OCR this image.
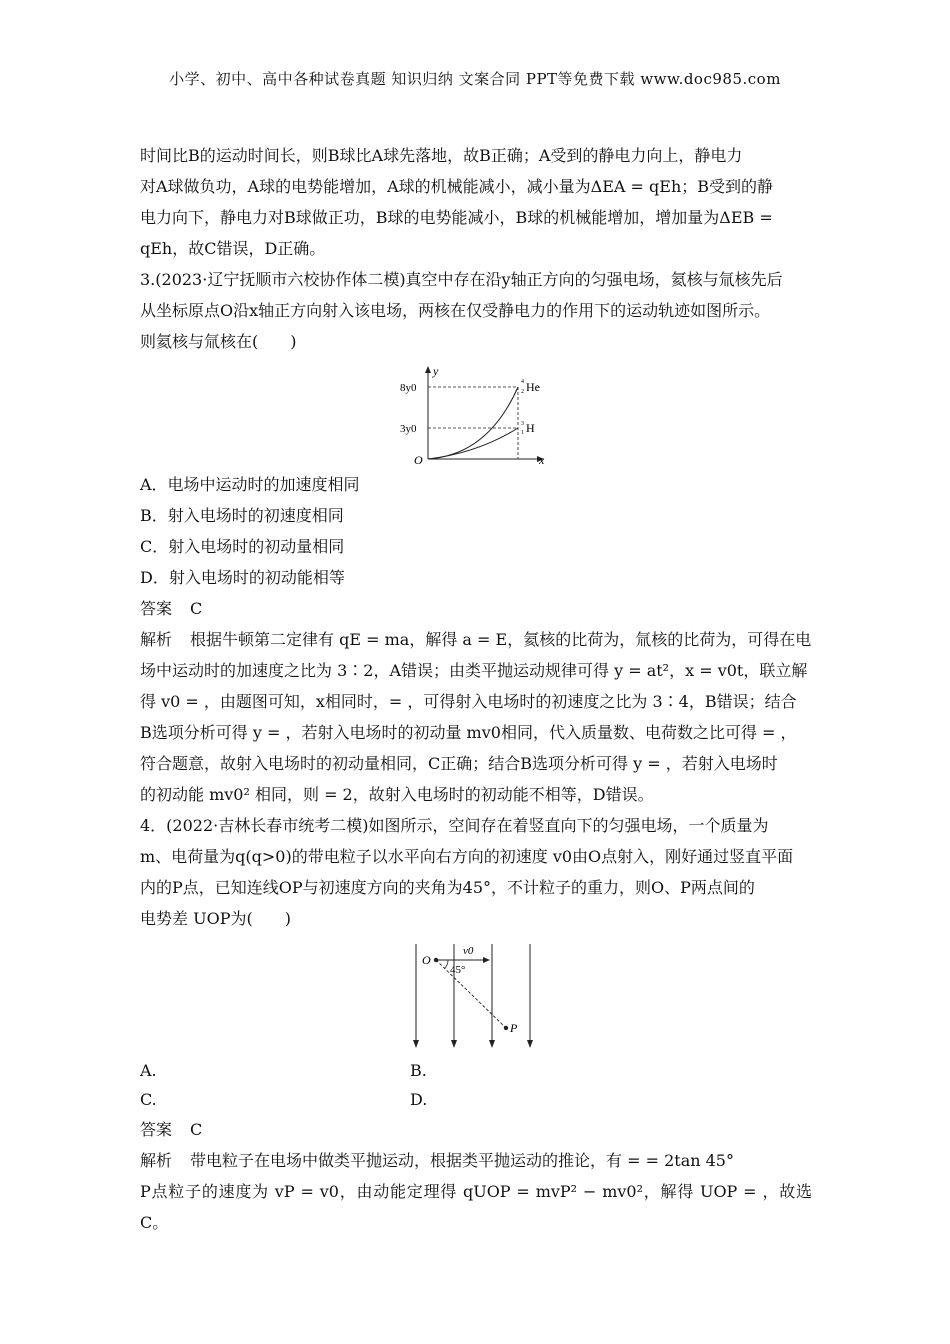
小学、初中、高中各种试卷真题 知识归纳 文案合同 PPT等免费下载 www.doc985.com

时间比B的运动时间长，则B球比A球先落地，故B正确；A受到的静电力向上，静电力

对A球做负功，A球的电势能增加，A球的机械能减小，减小量为ΔEA = qEh；B受到的静

电力向下，静电力对B球做正功，B球的电势能减小，B球的机械能增加，增加量为ΔEB =

qEh，故C错误，D正确。

3.(2023·辽宁抚顺市六校协作体二模)真空中存在沿y轴正方向的匀强电场，氦核与氚核先后

从坐标原点O沿x轴正方向射入该电场，两核在仅受静电力的作用下的运动轨迹如图所示。

则氦核与氚核在(　　)

y
x
O
8y0
3y0
4
2 He
3
1 H

A．电场中运动时的加速度相同

B．射入电场时的初速度相同

C．射入电场时的初动量相同

D．射入电场时的初动能相等

答案 C

解析 根据牛顿第二定律有 qE = ma，解得 a = E，氦核的比荷为，氚核的比荷为，可得在电

场中运动时的加速度之比为 3∶2，A错误；由类平抛运动规律可得 y = at²，x = v0t，联立解

得 v0 = ，由题图可知，x相同时，= ，可得射入电场时的初速度之比为 3∶4，B错误；结合

B选项分析可得 y = ，若射入电场时的初动量 mv0相同，代入质量数、电荷数之比可得 = ，

符合题意，故射入电场时的初动量相同，C正确；结合B选项分析可得 y = ，若射入电场时

的初动能 mv0² 相同，则 = 2，故射入电场时的初动能不相等，D错误。

4．(2022·吉林长春市统考二模)如图所示，空间存在着竖直向下的匀强电场，一个质量为

m、电荷量为q(q>0)的带电粒子以水平向右方向的初速度 v0由O点射入，刚好通过竖直平面

内的P点，已知连线OP与初速度方向的夹角为45°，不计粒子的重力，则O、P两点间的

电势差 UOP为(　　)

O
v0
45°
P
A.	B.
C.	D.

答案 C

解析 带电粒子在电场中做类平抛运动，根据类平抛运动的推论，有 = = 2tan 45°

P点粒子的速度为 vP = v0，由动能定理得 qUOP = mvP² − mv0²，解得 UOP = ，故选C。
